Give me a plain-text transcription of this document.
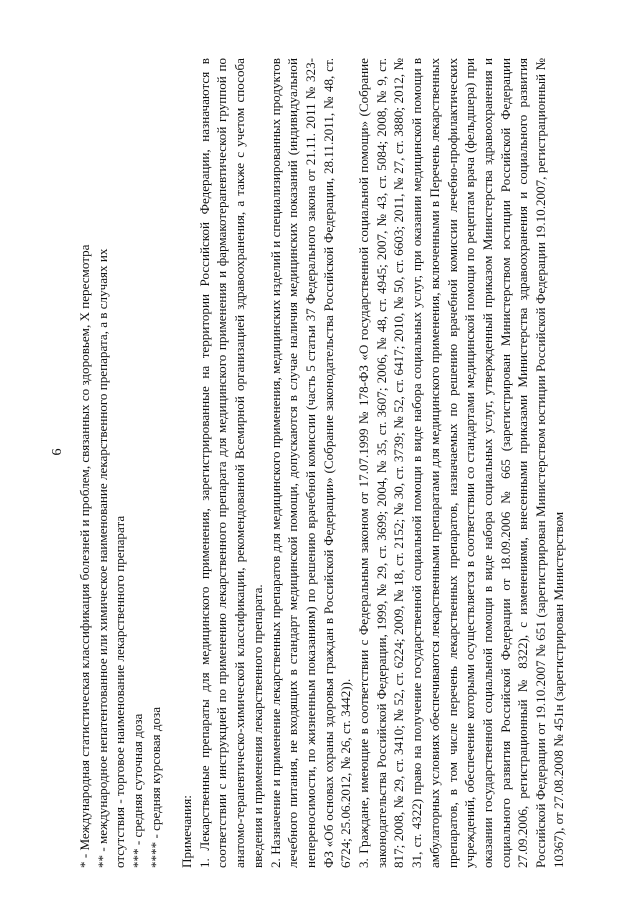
6 * - Международная статистическая классификация болезней и проблем, связанных со здоровьем, X пересмотра ** - международное непатентованное или химическое наименование лекарственного препарата, а в случаях их отсутствия - торговое наименование лекарственного препарата *** - средняя суточная доза **** - средняя курсовая доза Примечания: 1. Лекарственные препараты для медицинского применения, зарегистрированные на территории Российской Федерации, назначаются в соответствии с инструкцией по применению лекарственного препарата для медицинского применения и фармакотерапевтической группой по анатомо-терапевтическо-химической классификации, рекомендованной Всемирной организацией здравоохранения, а также с учетом способа введения и применения лекарственного препарата. 2. Назначение и применение лекарственных препаратов для медицинского применения, медицинских изделий и специализированных продуктов лечебного питания, не входящих в стандарт медицинской помощи, допускаются в случае наличия медицинских показаний (индивидуальной непереносимости, по жизненным показаниям) по решению врачебной комиссии (часть 5 статьи 37 Федерального закона от 21.11. 2011 № 323-ФЗ «Об основах охраны здоровья граждан в Российской Федерации» (Собрание законодательства Российской Федерации, 28.11.2011, № 48, ст. 6724; 25.06.2012, № 26, ст. 3442)). 3. Граждане, имеющие в соответствии с Федеральным законом от 17.07.1999 № 178-ФЗ «О государственной социальной помощи» (Собрание законодательства Российской Федерации, 1999, № 29, ст. 3699; 2004, № 35, ст. 3607; 2006, № 48, ст. 4945; 2007, № 43, ст. 5084; 2008, № 9, ст. 817; 2008, № 29, ст. 3410; № 52, ст. 6224; 2009, № 18, ст. 2152; № 30, ст. 3739; № 52, ст. 6417; 2010, № 50, ст. 6603; 2011, № 27, ст. 3880; 2012, № 31, ст. 4322) право на получение государственной социальной помощи в виде набора социальных услуг, при оказании медицинской помощи в амбулаторных условиях обеспечиваются лекарственными препаратами для медицинского применения, включенными в Перечень лекарственных препаратов, в том числе перечень лекарственных препаратов, назначаемых по решению врачебной комиссии лечебно-профилактических учреждений, обеспечение которыми осуществляется в соответствии со стандартами медицинской помощи по рецептам врача (фельдшера) при оказании государственной социальной помощи в виде набора социальных услуг, утвержденный приказом Министерства здравоохранения и социального развития Российской Федерации от 18.09.2006 № 665 (зарегистрирован Министерством юстиции Российской Федерации 27.09.2006, регистрационный № 8322), с изменениями, внесенными приказами Министерства здравоохранения и социального развития Российской Федерации от 19.10.2007 № 651 (зарегистрирован Министерством юстиции Российской Федерации 19.10.2007, регистрационный № 10367), от 27.08.2008 № 451н (зарегистрирован Министерством
